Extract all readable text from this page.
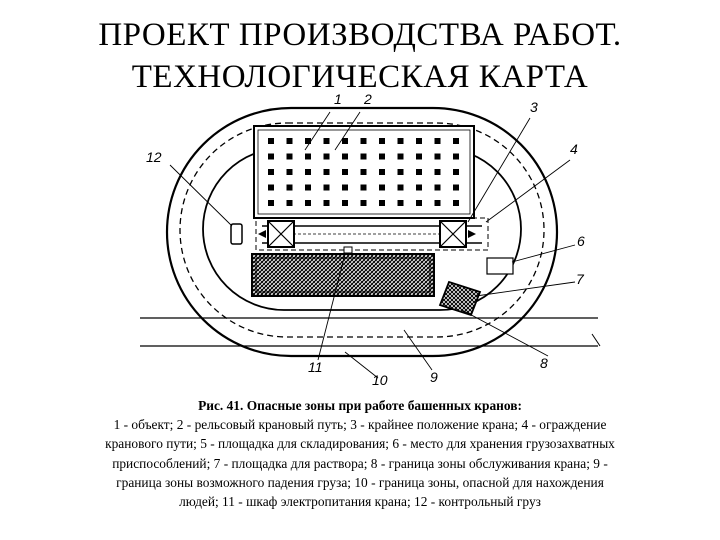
ПРОЕКТ ПРОИЗВОДСТВА РАБОТ.
ТЕХНОЛОГИЧЕСКАЯ КАРТА
1 2	3
4
6
7
8
9
10
11
12
Рис. 41. Опасные зоны при работе башенных кранов:
1 - объект; 2 - рельсовый крановый путь; 3 - крайнее положение крана; 4 - ограждение
кранового пути; 5 - площадка для складирования; 6 - место для хранения грузозахватных
приспособлений; 7 - площадка для раствора; 8 - граница зоны обслуживания крана; 9 -
граница зоны возможного падения груза; 10 - граница зоны, опасной для нахождения
людей; 11 - шкаф электропитания крана; 12 - контрольный груз
